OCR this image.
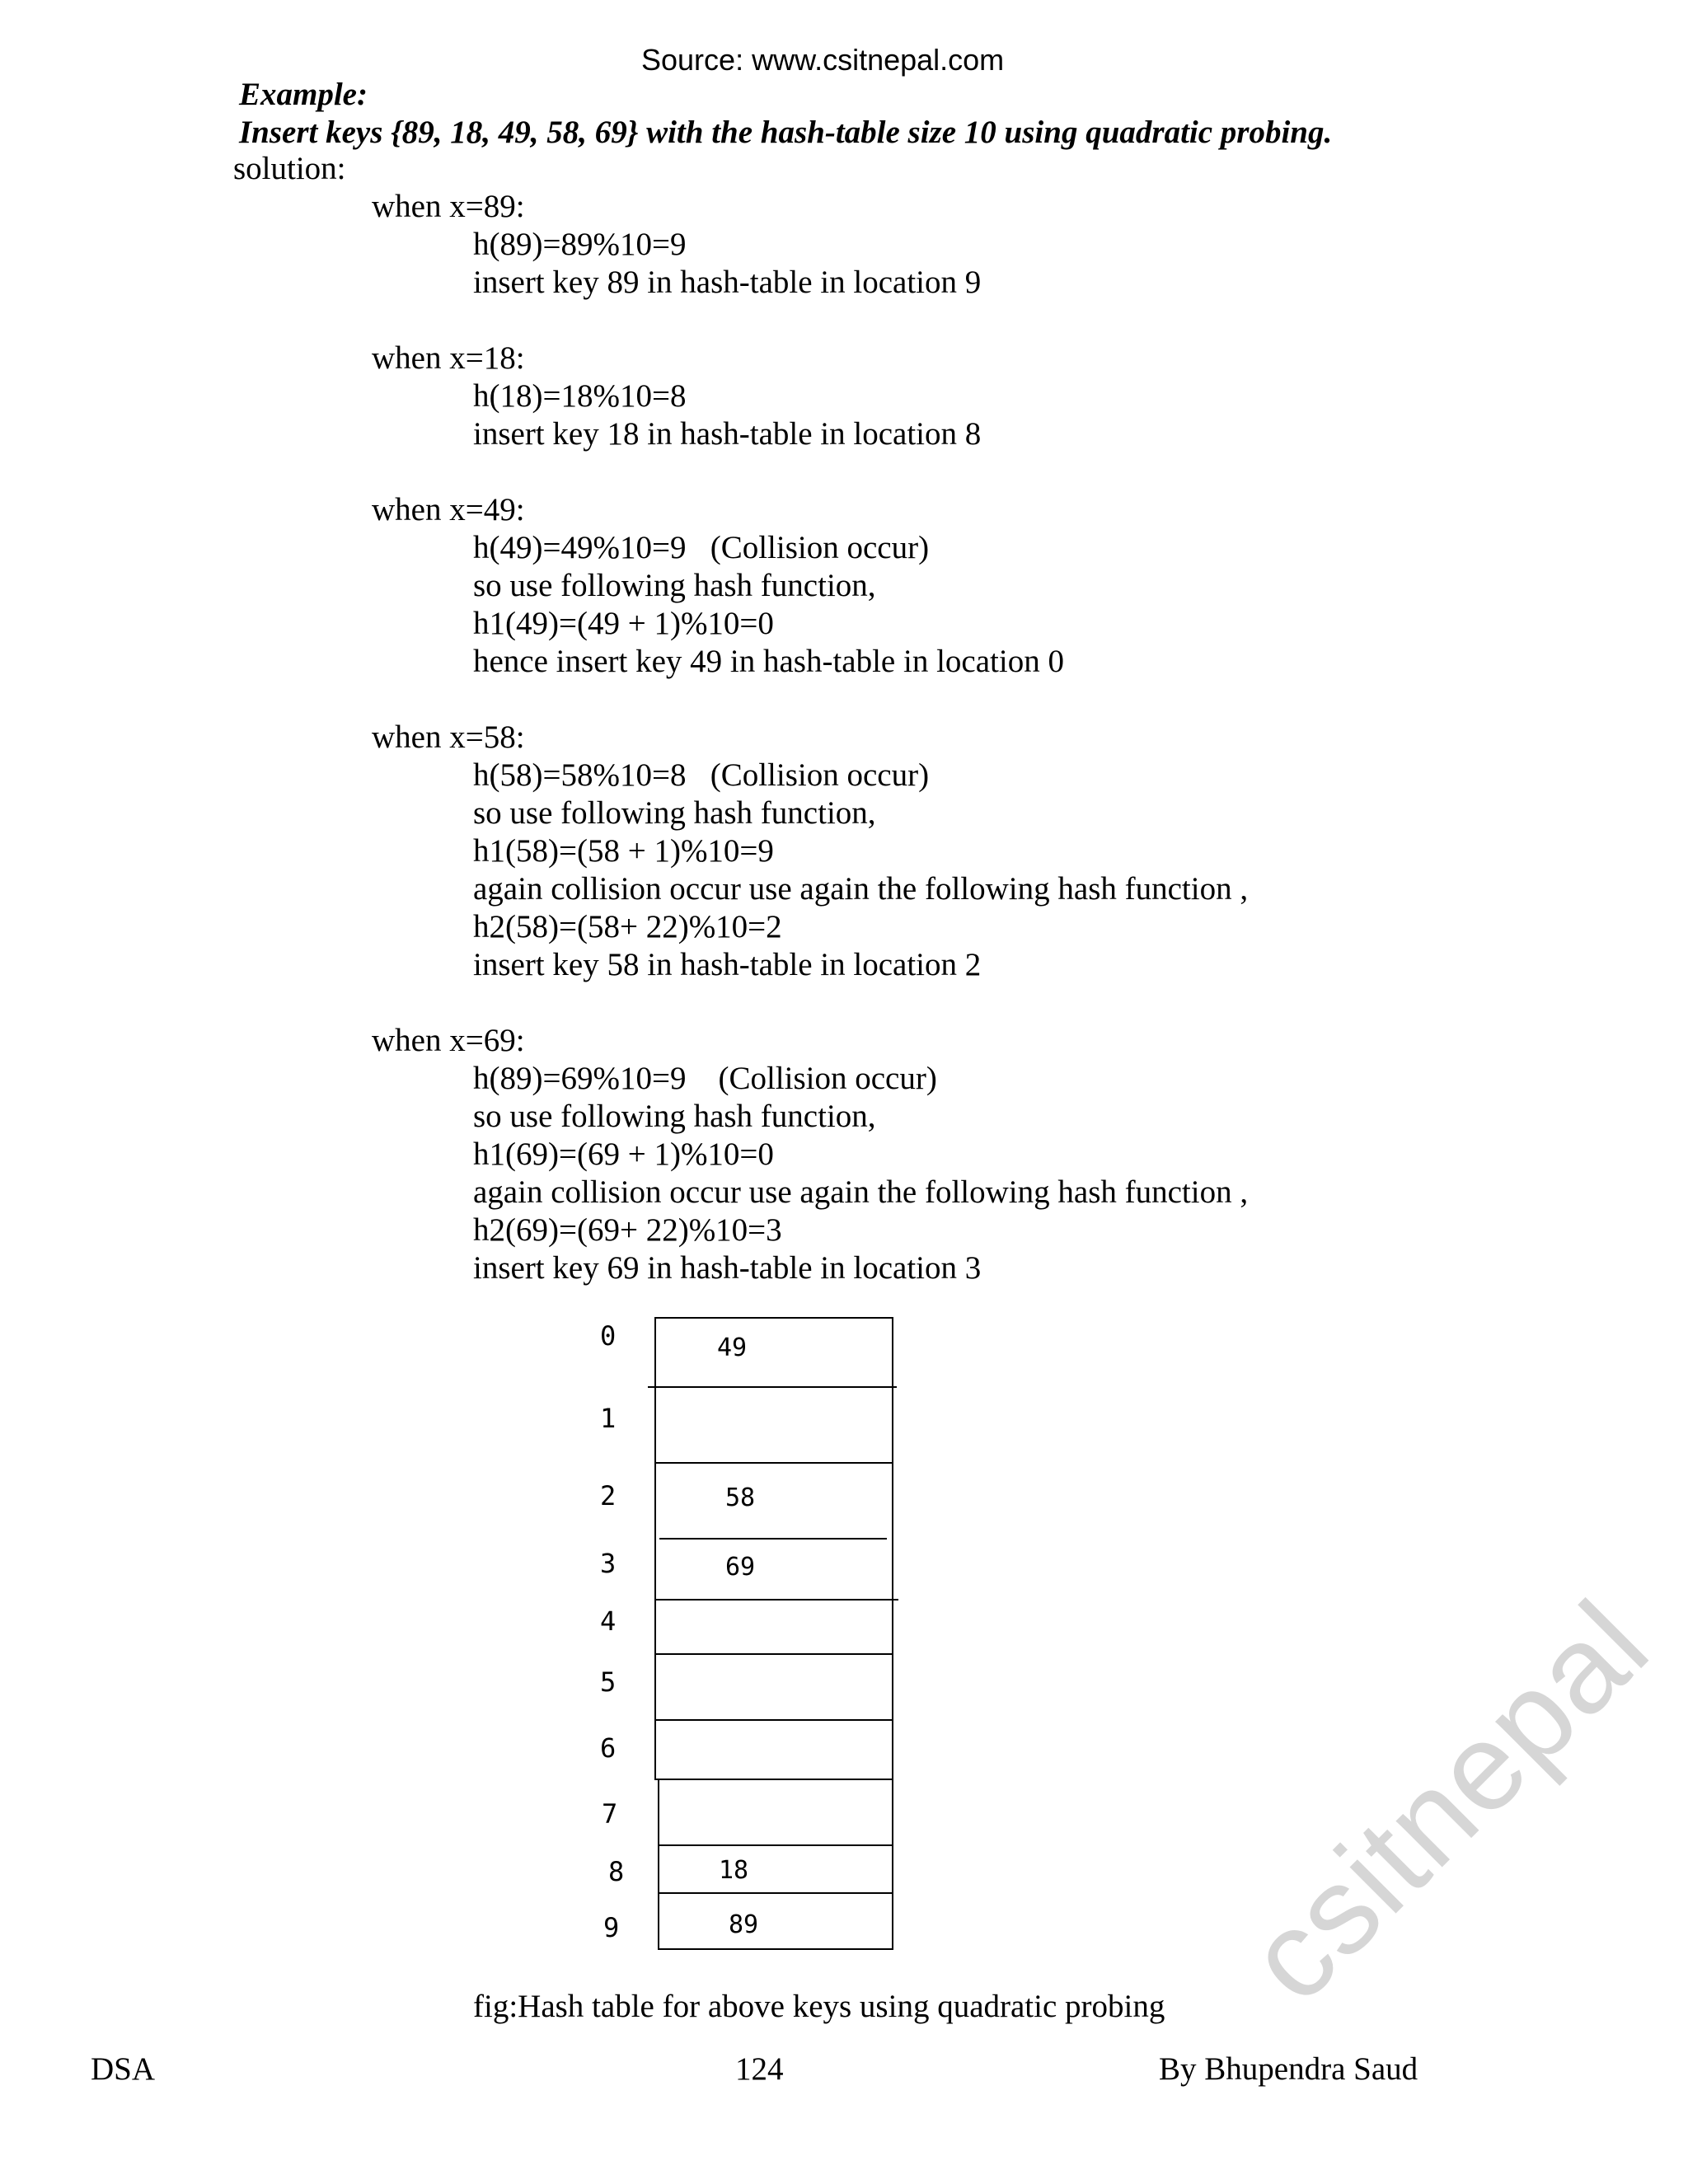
Source: www.csitnepal.com
Example:
Insert keys {89, 18, 49, 58, 69} with the hash-table size 10 using quadratic probing.
solution:
when x=89:
h(89)=89%10=9
insert key 89 in hash-table in location 9
when x=18:
h(18)=18%10=8
insert key 18 in hash-table in location 8
when x=49:
h(49)=49%10=9   (Collision occur)
so use following hash function,
h1(49)=(49 + 1)%10=0
hence insert key 49 in hash-table in location 0
when x=58:
h(58)=58%10=8   (Collision occur)
so use following hash function,
h1(58)=(58 + 1)%10=9
again collision occur use again the following hash function ,
h2(58)=(58+ 22)%10=2
insert key 58 in hash-table in location 2
when x=69:
h(89)=69%10=9    (Collision occur)
so use following hash function,
h1(69)=(69 + 1)%10=0
again collision occur use again the following hash function ,
h2(69)=(69+ 22)%10=3
insert key 69 in hash-table in location 3
0
1
2
3
4
5
6
7
8
9
49
58
69
18
89
fig:Hash table for above keys using quadratic probing
DSA	124	By Bhupendra Saud
csitnepal
